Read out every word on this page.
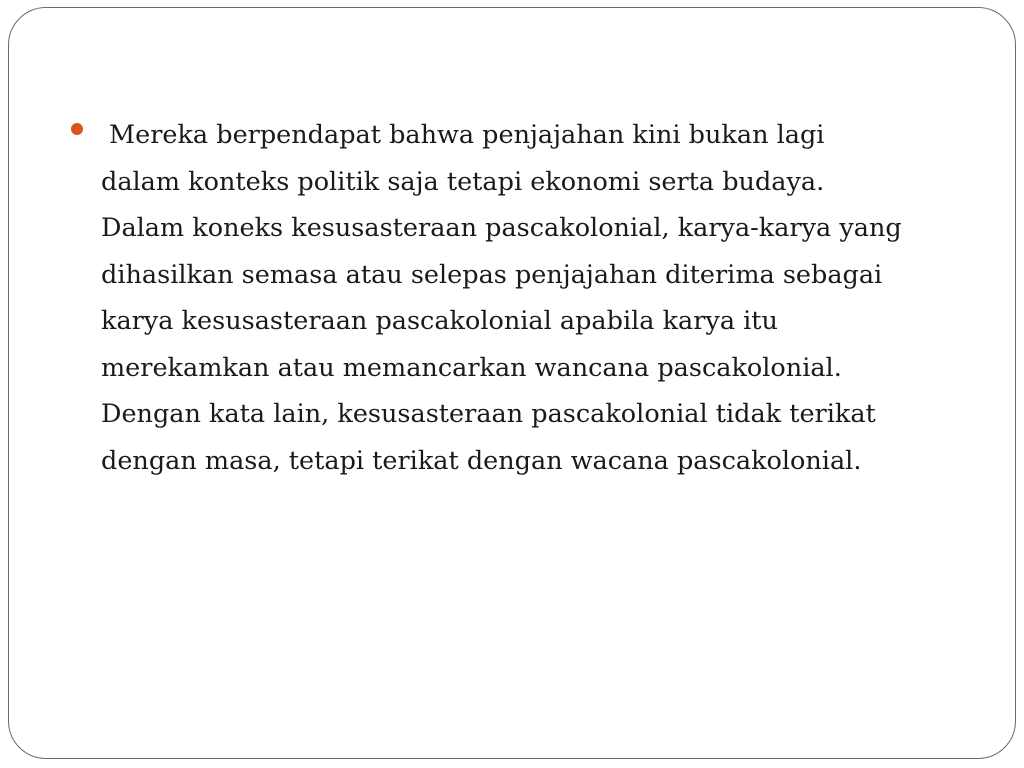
Mereka berpendapat bahwa penjajahan kini bukan lagi
dalam konteks politik saja tetapi ekonomi serta budaya.
Dalam koneks kesusasteraan pascakolonial, karya-karya yang
dihasilkan semasa atau selepas penjajahan diterima sebagai
karya kesusasteraan pascakolonial apabila karya itu
merekamkan atau memancarkan wancana pascakolonial.
Dengan kata lain, kesusasteraan pascakolonial tidak terikat
dengan masa, tetapi terikat dengan wacana pascakolonial.
